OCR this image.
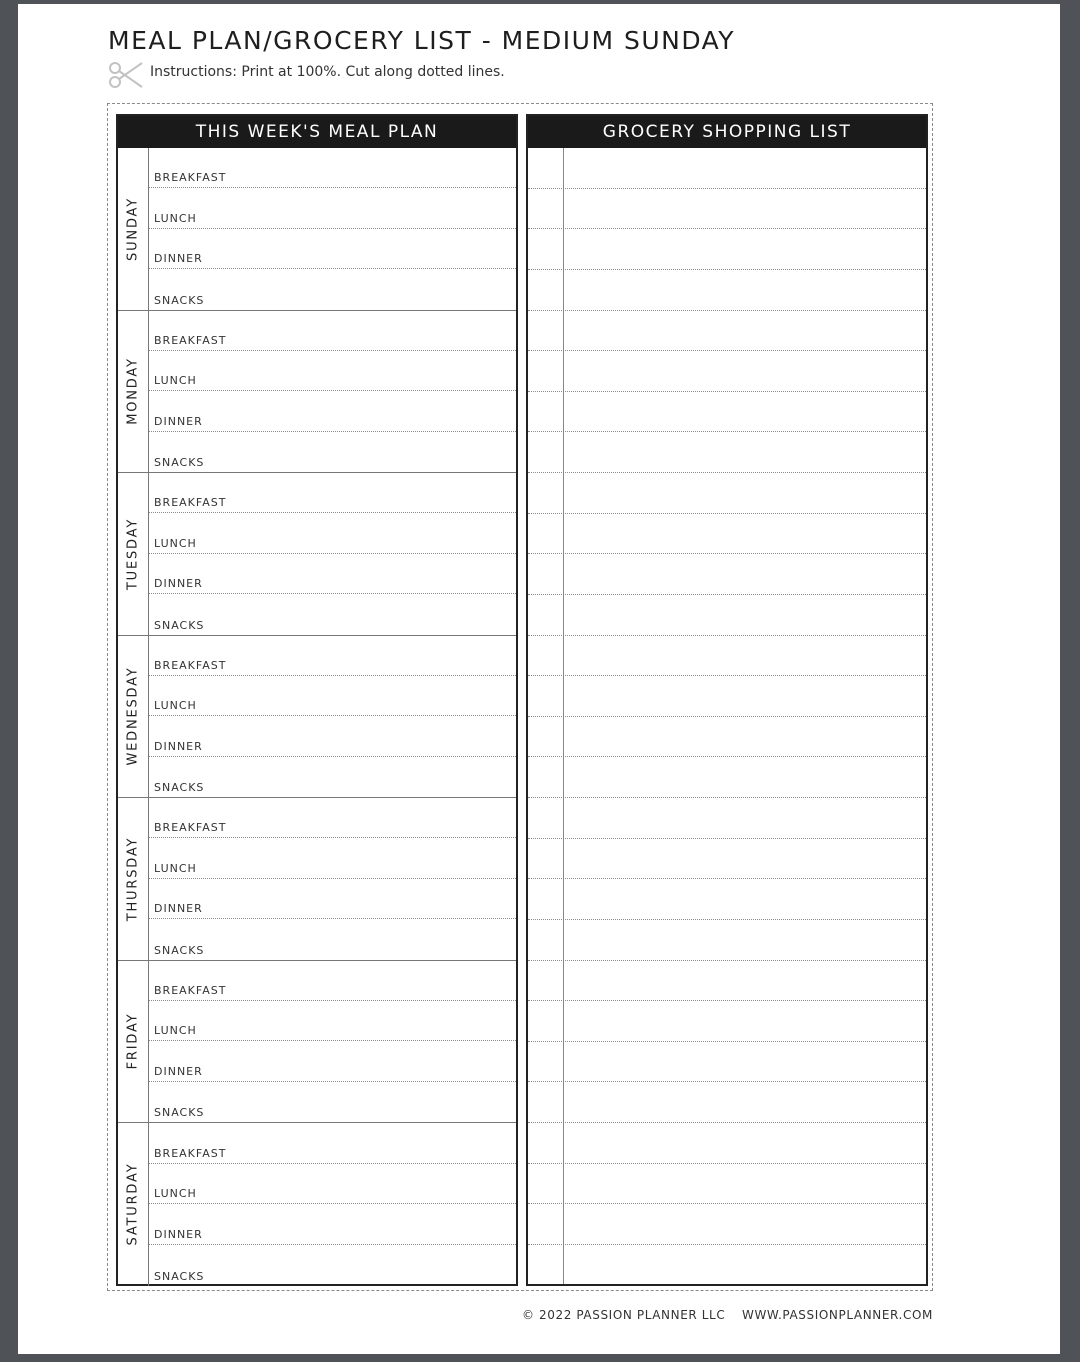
MEAL PLAN/GROCERY LIST - MEDIUM SUNDAY
Instructions: Print at 100%. Cut along dotted lines.
THIS WEEK'S MEAL PLAN
SUNDAY
BREAKFAST
LUNCH
DINNER
SNACKS
MONDAY
BREAKFAST
LUNCH
DINNER
SNACKS
TUESDAY
BREAKFAST
LUNCH
DINNER
SNACKS
WEDNESDAY
BREAKFAST
LUNCH
DINNER
SNACKS
THURSDAY
BREAKFAST
LUNCH
DINNER
SNACKS
FRIDAY
BREAKFAST
LUNCH
DINNER
SNACKS
SATURDAY
BREAKFAST
LUNCH
DINNER
SNACKS
GROCERY SHOPPING LIST
© 2022 PASSION PLANNER LLC WWW.PASSIONPLANNER.COM
